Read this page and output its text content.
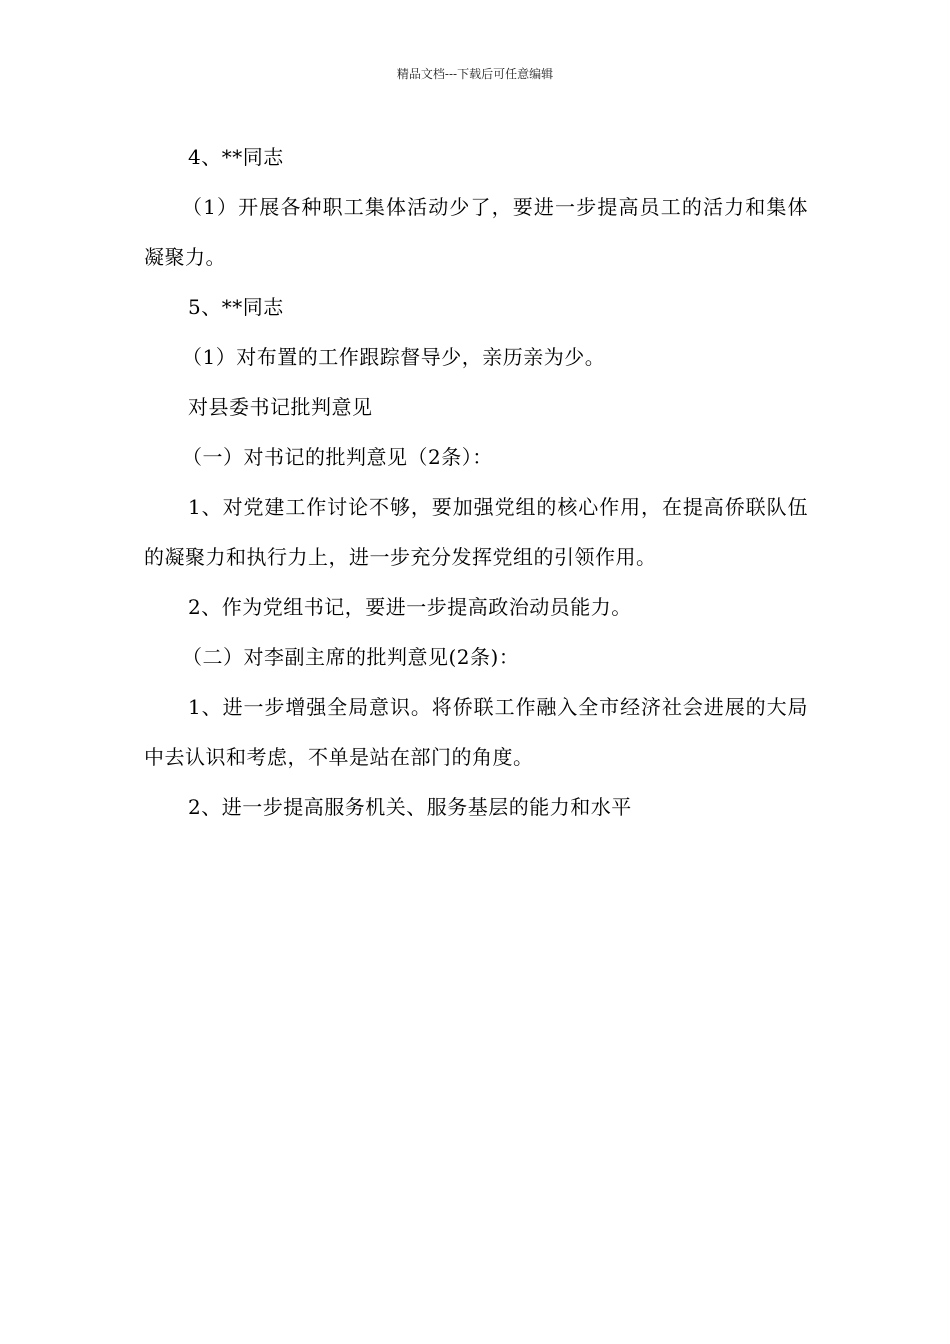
精品文档---下载后可任意编辑

4、**同志

（1）开展各种职工集体活动少了，要进一步提高员工的活力和集体凝聚力。

5、**同志

（1）对布置的工作跟踪督导少，亲历亲为少。

对县委书记批判意见

（一）对书记的批判意见（2条）：

1、对党建工作讨论不够，要加强党组的核心作用，在提高侨联队伍的凝聚力和执行力上，进一步充分发挥党组的引领作用。

2、作为党组书记，要进一步提高政治动员能力。

（二）对李副主席的批判意见(2条)：

1、进一步增强全局意识。将侨联工作融入全市经济社会进展的大局中去认识和考虑，不单是站在部门的角度。

2、进一步提高服务机关、服务基层的能力和水平
